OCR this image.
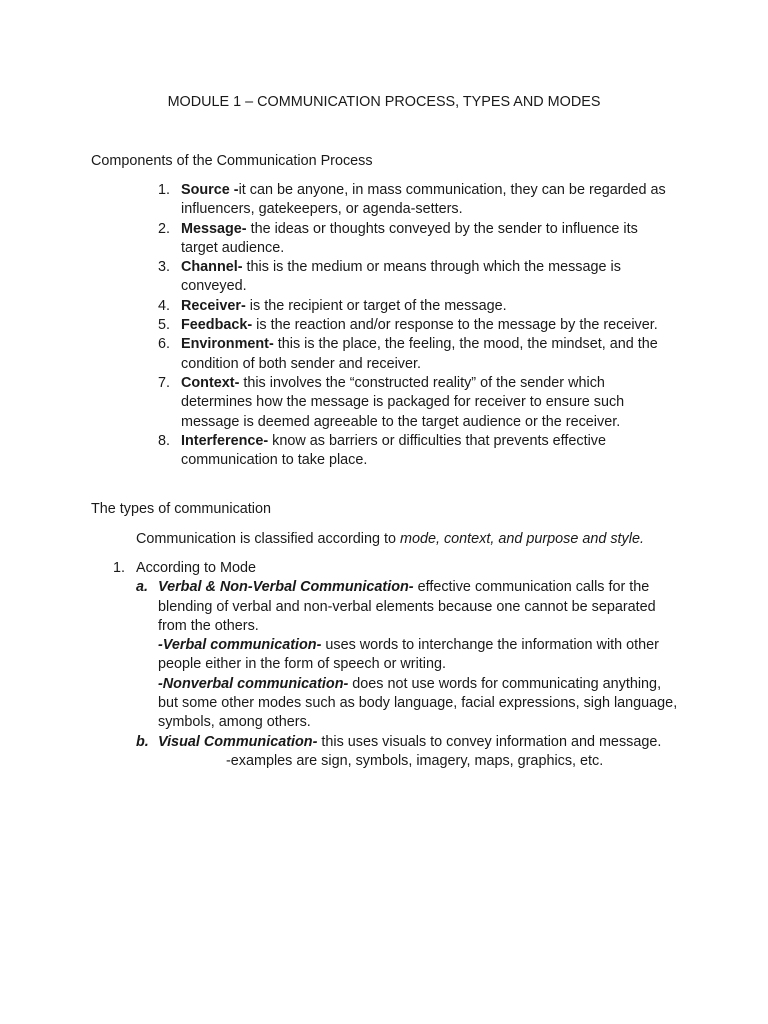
MODULE 1 – COMMUNICATION PROCESS, TYPES AND MODES
Components of the Communication Process
1. Source -it can be anyone, in mass communication, they can be regarded as influencers, gatekeepers, or agenda-setters.
2. Message- the ideas or thoughts conveyed by the sender to influence its target audience.
3. Channel- this is the medium or means through which the message is conveyed.
4. Receiver- is the recipient or target of the message.
5. Feedback- is the reaction and/or response to the message by the receiver.
6. Environment- this is the place, the feeling, the mood, the mindset, and the condition of both sender and receiver.
7. Context- this involves the “constructed reality” of the sender which determines how the message is packaged for receiver to ensure such message is deemed agreeable to the target audience or the receiver.
8. Interference- know as barriers or difficulties that prevents effective communication to take place.
The types of communication
Communication is classified according to mode, context, and purpose and style.
1. According to Mode
a. Verbal & Non-Verbal Communication- effective communication calls for the blending of verbal and non-verbal elements because one cannot be separated from the others.
-Verbal communication- uses words to interchange the information with other people either in the form of speech or writing.
-Nonverbal communication- does not use words for communicating anything, but some other modes such as body language, facial expressions, sigh language, symbols, among others.
b. Visual Communication- this uses visuals to convey information and message.
-examples are sign, symbols, imagery, maps, graphics, etc.
